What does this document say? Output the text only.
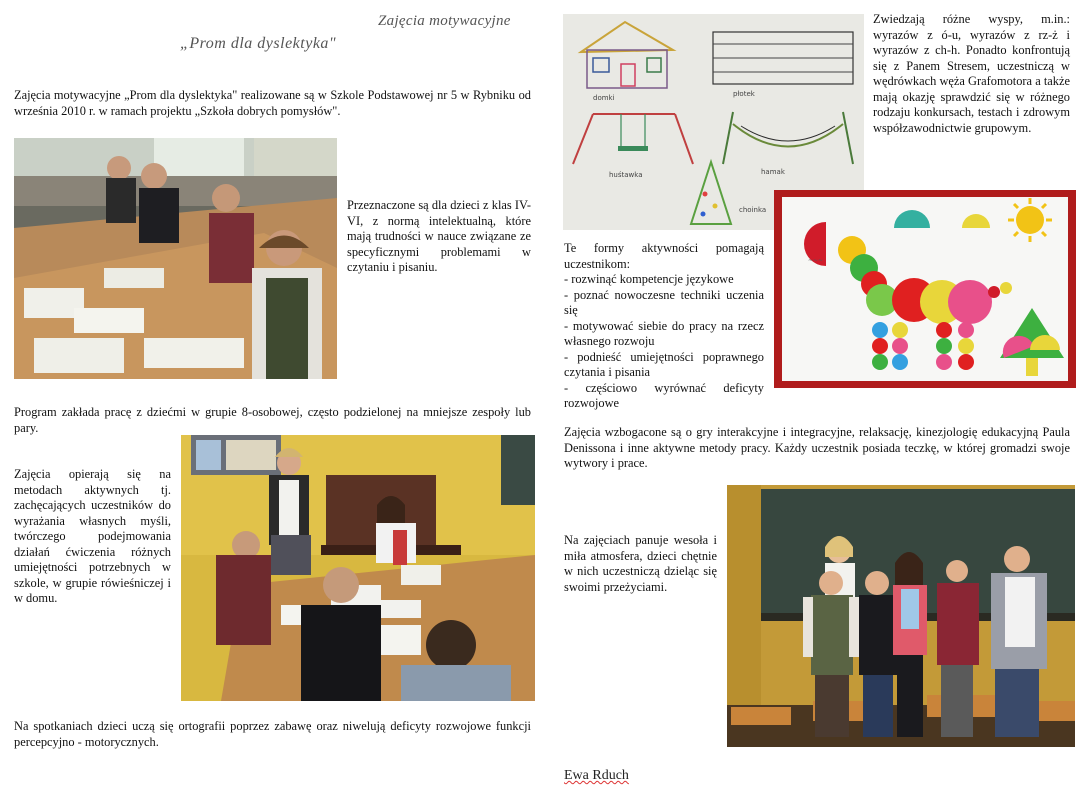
Zajęcia motywacyjne
„Prom dla dyslektyka"
Zajęcia motywacyjne „Prom dla dyslektyka" realizowane są w Szkole Podstawowej nr 5 w Rybniku od września 2010 r. w ramach projektu „Szkoła dobrych pomysłów".
Przeznaczone są dla dzieci z klas IV-VI, z normą intelektualną, które mają trudności w nauce związane ze specyficznymi problemami w czytaniu i pisaniu.
Program zakłada pracę z dziećmi w grupie 8-osobowej, często podzielonej na mniejsze zespoły lub pary.
Zajęcia opierają się na metodach aktywnych tj. zachęcających uczestników do wyrażania własnych myśli, twórczego podejmowania działań ćwiczenia różnych umiejętności potrzebnych w szkole, w grupie rówieśniczej i w domu.
Na spotkaniach dzieci uczą się ortografii poprzez zabawę oraz niwelują deficyty rozwojowe funkcji percepcyjno - motorycznych.
domki	płotek
huśtawka	hamak
choinka
Zwiedzają różne wyspy, m.in.: wyrazów z ó-u, wyrazów z rz-ż i wyrazów z ch-h. Ponadto konfrontują się z Panem Stresem, uczestniczą w wędrówkach węża Grafomotora a także mają okazję sprawdzić się w różnego rodzaju konkursach, testach i zdrowym współzawodnictwie grupowym.
~~~
Te formy aktywności pomagają uczestnikom:
- rozwinąć kompetencje językowe
- poznać nowoczesne techniki uczenia się
- motywować siebie do pracy na rzecz własnego rozwoju
- podnieść umiejętności poprawnego czytania i pisania
- częściowo wyrównać deficyty rozwojowe
Zajęcia wzbogacone są o gry interakcyjne i integracyjne, relaksację, kinezjologię edukacyjną Paula Denissona i inne aktywne metody pracy. Każdy uczestnik posiada teczkę, w której gromadzi swoje wytwory i prace.
Na zajęciach panuje wesoła i miła atmosfera, dzieci chętnie w nich uczestniczą dzieląc się swoimi przeżyciami.
Ewa Rduch
